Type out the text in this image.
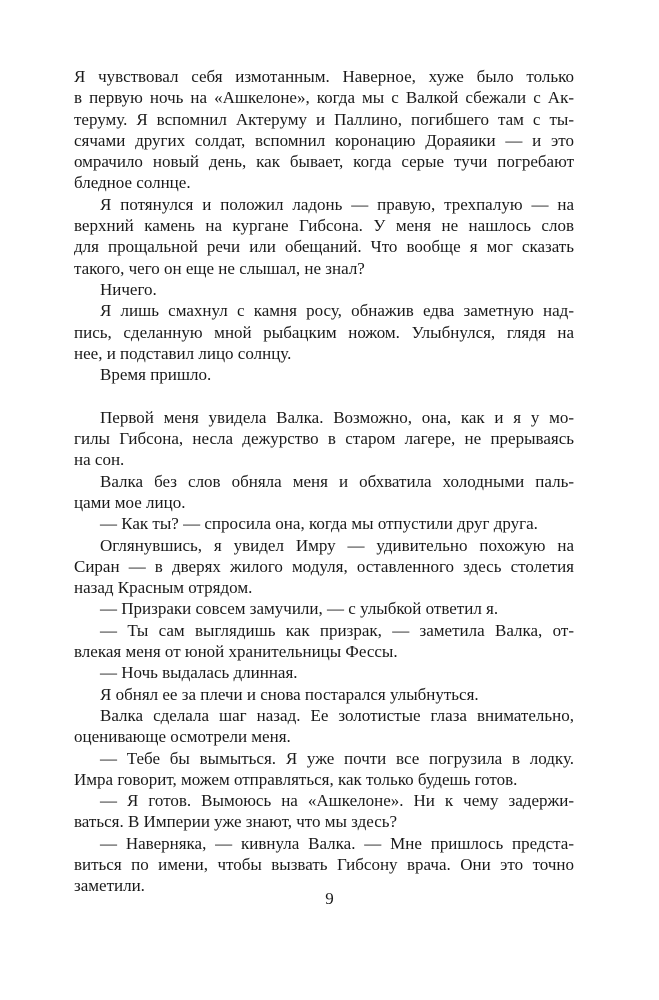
Я чувствовал себя измотанным. Наверное, хуже было только
в первую ночь на «Ашкелоне», когда мы с Валкой сбежали с Ак-
теруму. Я вспомнил Актеруму и Паллино, погибшего там с ты-
сячами других солдат, вспомнил коронацию Дораяики — и это
омрачило новый день, как бывает, когда серые тучи погребают
бледное солнце.
Я потянулся и положил ладонь — правую, трехпалую — на
верхний камень на кургане Гибсона. У меня не нашлось слов
для прощальной речи или обещаний. Что вообще я мог сказать
такого, чего он еще не слышал, не знал?
Ничего.
Я лишь смахнул с камня росу, обнажив едва заметную над-
пись, сделанную мной рыбацким ножом. Улыбнулся, глядя на
нее, и подставил лицо солнцу.
Время пришло.
Первой меня увидела Валка. Возможно, она, как и я у мо-
гилы Гибсона, несла дежурство в старом лагере, не прерываясь
на сон.
Валка без слов обняла меня и обхватила холодными паль-
цами мое лицо.
— Как ты? — спросила она, когда мы отпустили друг друга.
Оглянувшись, я увидел Имру — удивительно похожую на
Сиран — в дверях жилого модуля, оставленного здесь столетия
назад Красным отрядом.
— Призраки совсем замучили, — с улыбкой ответил я.
— Ты сам выглядишь как призрак, — заметила Валка, от-
влекая меня от юной хранительницы Фессы.
— Ночь выдалась длинная.
Я обнял ее за плечи и снова постарался улыбнуться.
Валка сделала шаг назад. Ее золотистые глаза внимательно,
оценивающе осмотрели меня.
— Тебе бы вымыться. Я уже почти все погрузила в лодку.
Имра говорит, можем отправляться, как только будешь готов.
— Я готов. Вымоюсь на «Ашкелоне». Ни к чему задержи-
ваться. В Империи уже знают, что мы здесь?
— Наверняка, — кивнула Валка. — Мне пришлось предста-
виться по имени, чтобы вызвать Гибсону врача. Они это точно
заметили.
9
